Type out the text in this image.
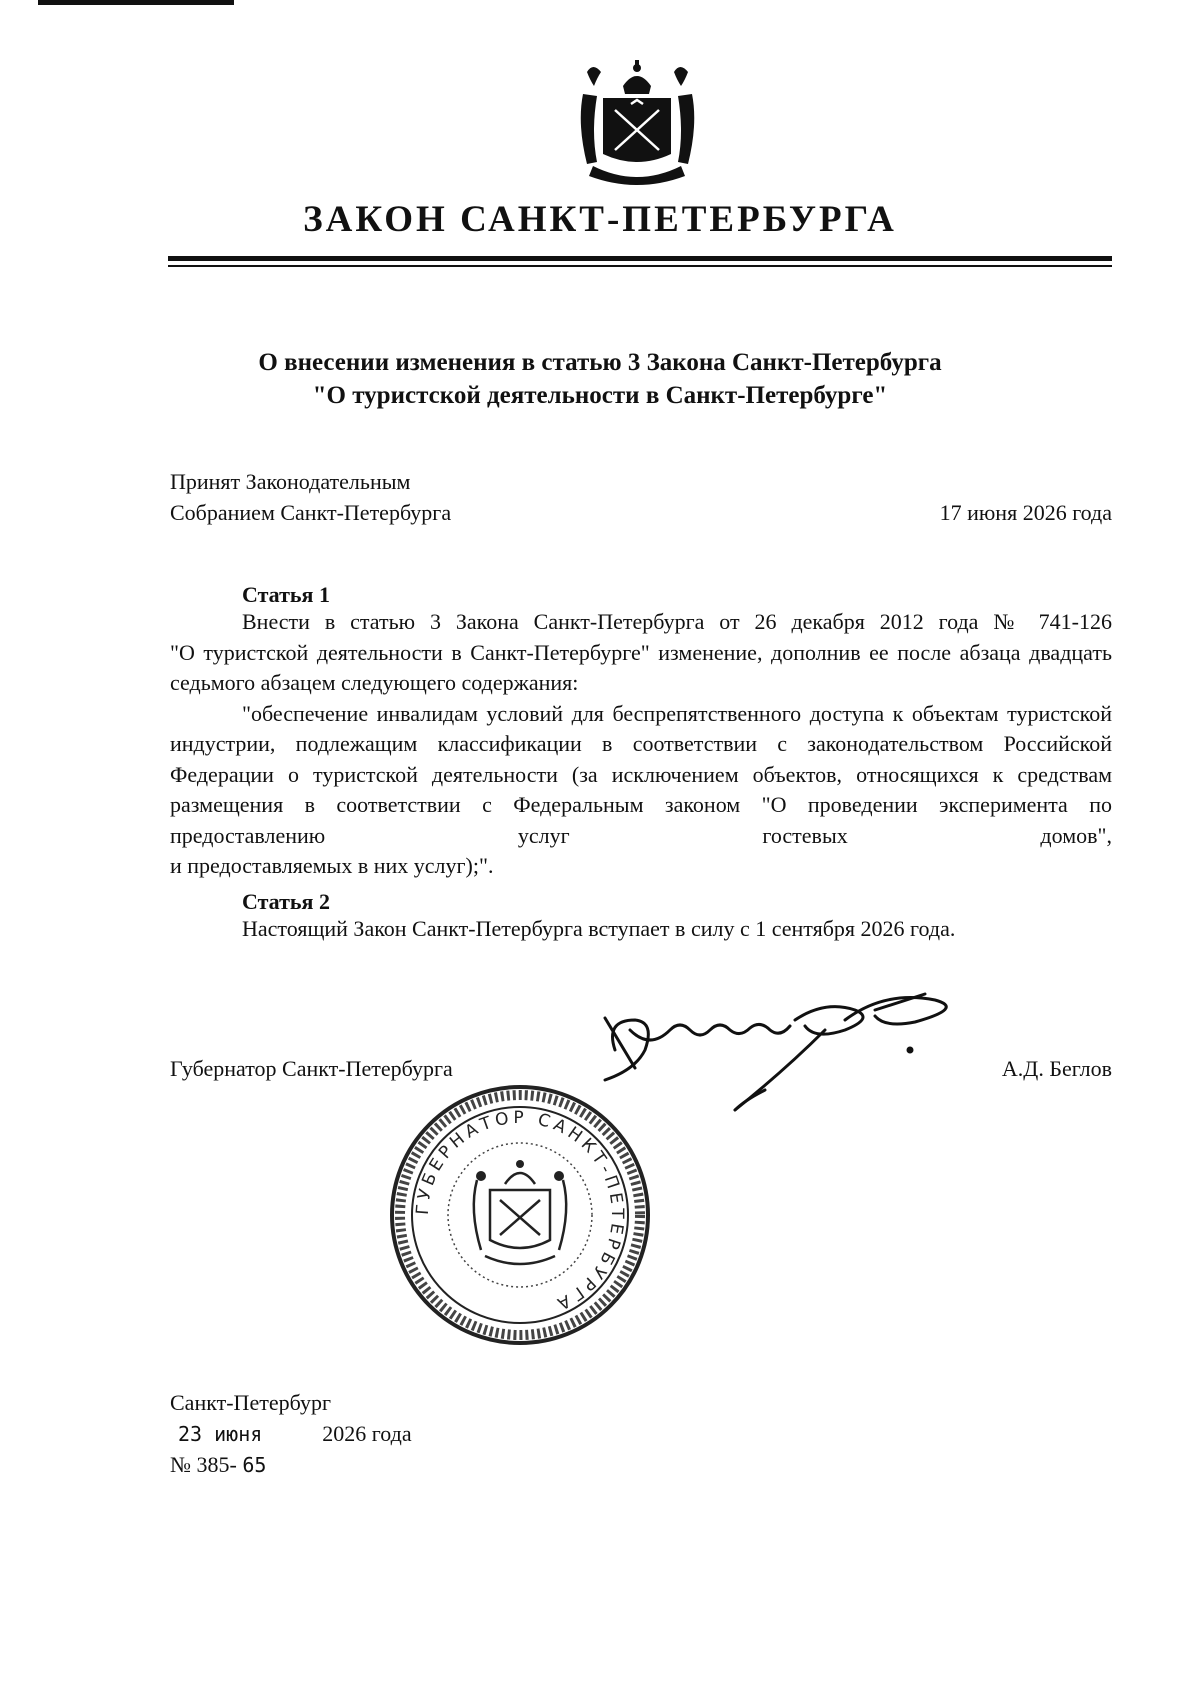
ЗАКОН САНКТ-ПЕТЕРБУРГА
О внесении изменения в статью 3 Закона Санкт-Петербурга
"О туристской деятельности в Санкт-Петербурге"
Принят Законодательным
Собранием Санкт-Петербурга	17 июня 2026 года
Статья 1

Внести в статью 3 Закона Санкт-Петербурга от 26 декабря 2012 года № 741-126

"О туристской деятельности в Санкт-Петербурге" изменение, дополнив ее после абзаца двадцать седьмого абзацем следующего содержания:

"обеспечение инвалидам условий для беспрепятственного доступа к объектам туристской индустрии, подлежащим классификации в соответствии с законодательством Российской Федерации о туристской деятельности (за исключением объектов, относящихся к средствам размещения в соответствии с Федеральным законом "О проведении эксперимента по предоставлению услуг гостевых домов",

и предоставляемых в них услуг);".

Статья 2

Настоящий Закон Санкт-Петербурга вступает в силу с 1 сентября 2026 года.

Губернатор Санкт-Петербурга	А.Д. Беглов
ГУБЕРНАТОР САНКТ-ПЕТЕРБУРГА
Санкт-Петербург
23 июня	2026 года
№ 385- 65
